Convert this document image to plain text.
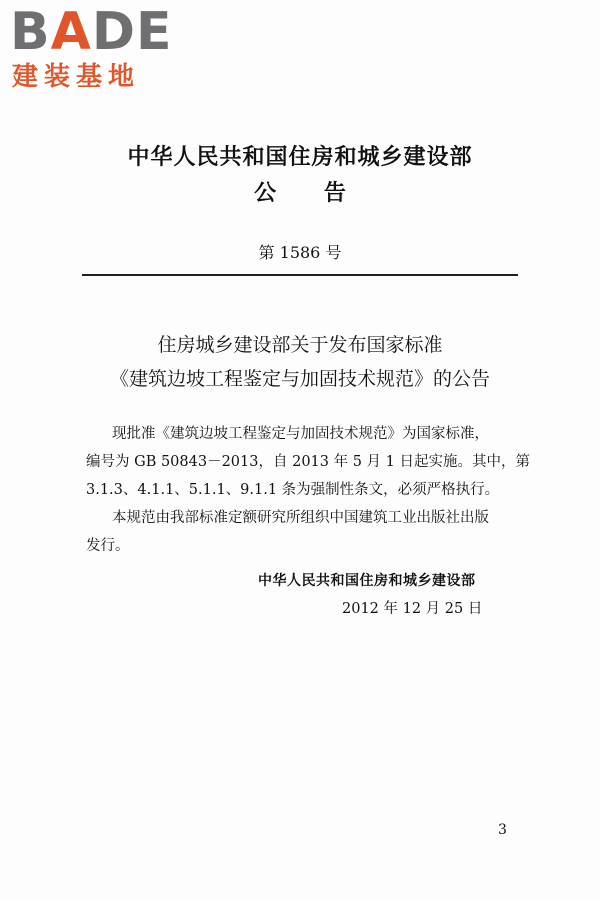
BADE
建装基地
中华人民共和国住房和城乡建设部
公 告
第 1586 号
住房城乡建设部关于发布国家标准
《建筑边坡工程鉴定与加固技术规范》的公告
现批准《建筑边坡工程鉴定与加固技术规范》为国家标准，
编号为 GB 50843－2013，自 2013 年 5 月 1 日起实施。其中，第
3.1.3、4.1.1、5.1.1、9.1.1 条为强制性条文，必须严格执行。
本规范由我部标准定额研究所组织中国建筑工业出版社出版
发行。
中华人民共和国住房和城乡建设部
2012 年 12 月 25 日
3
